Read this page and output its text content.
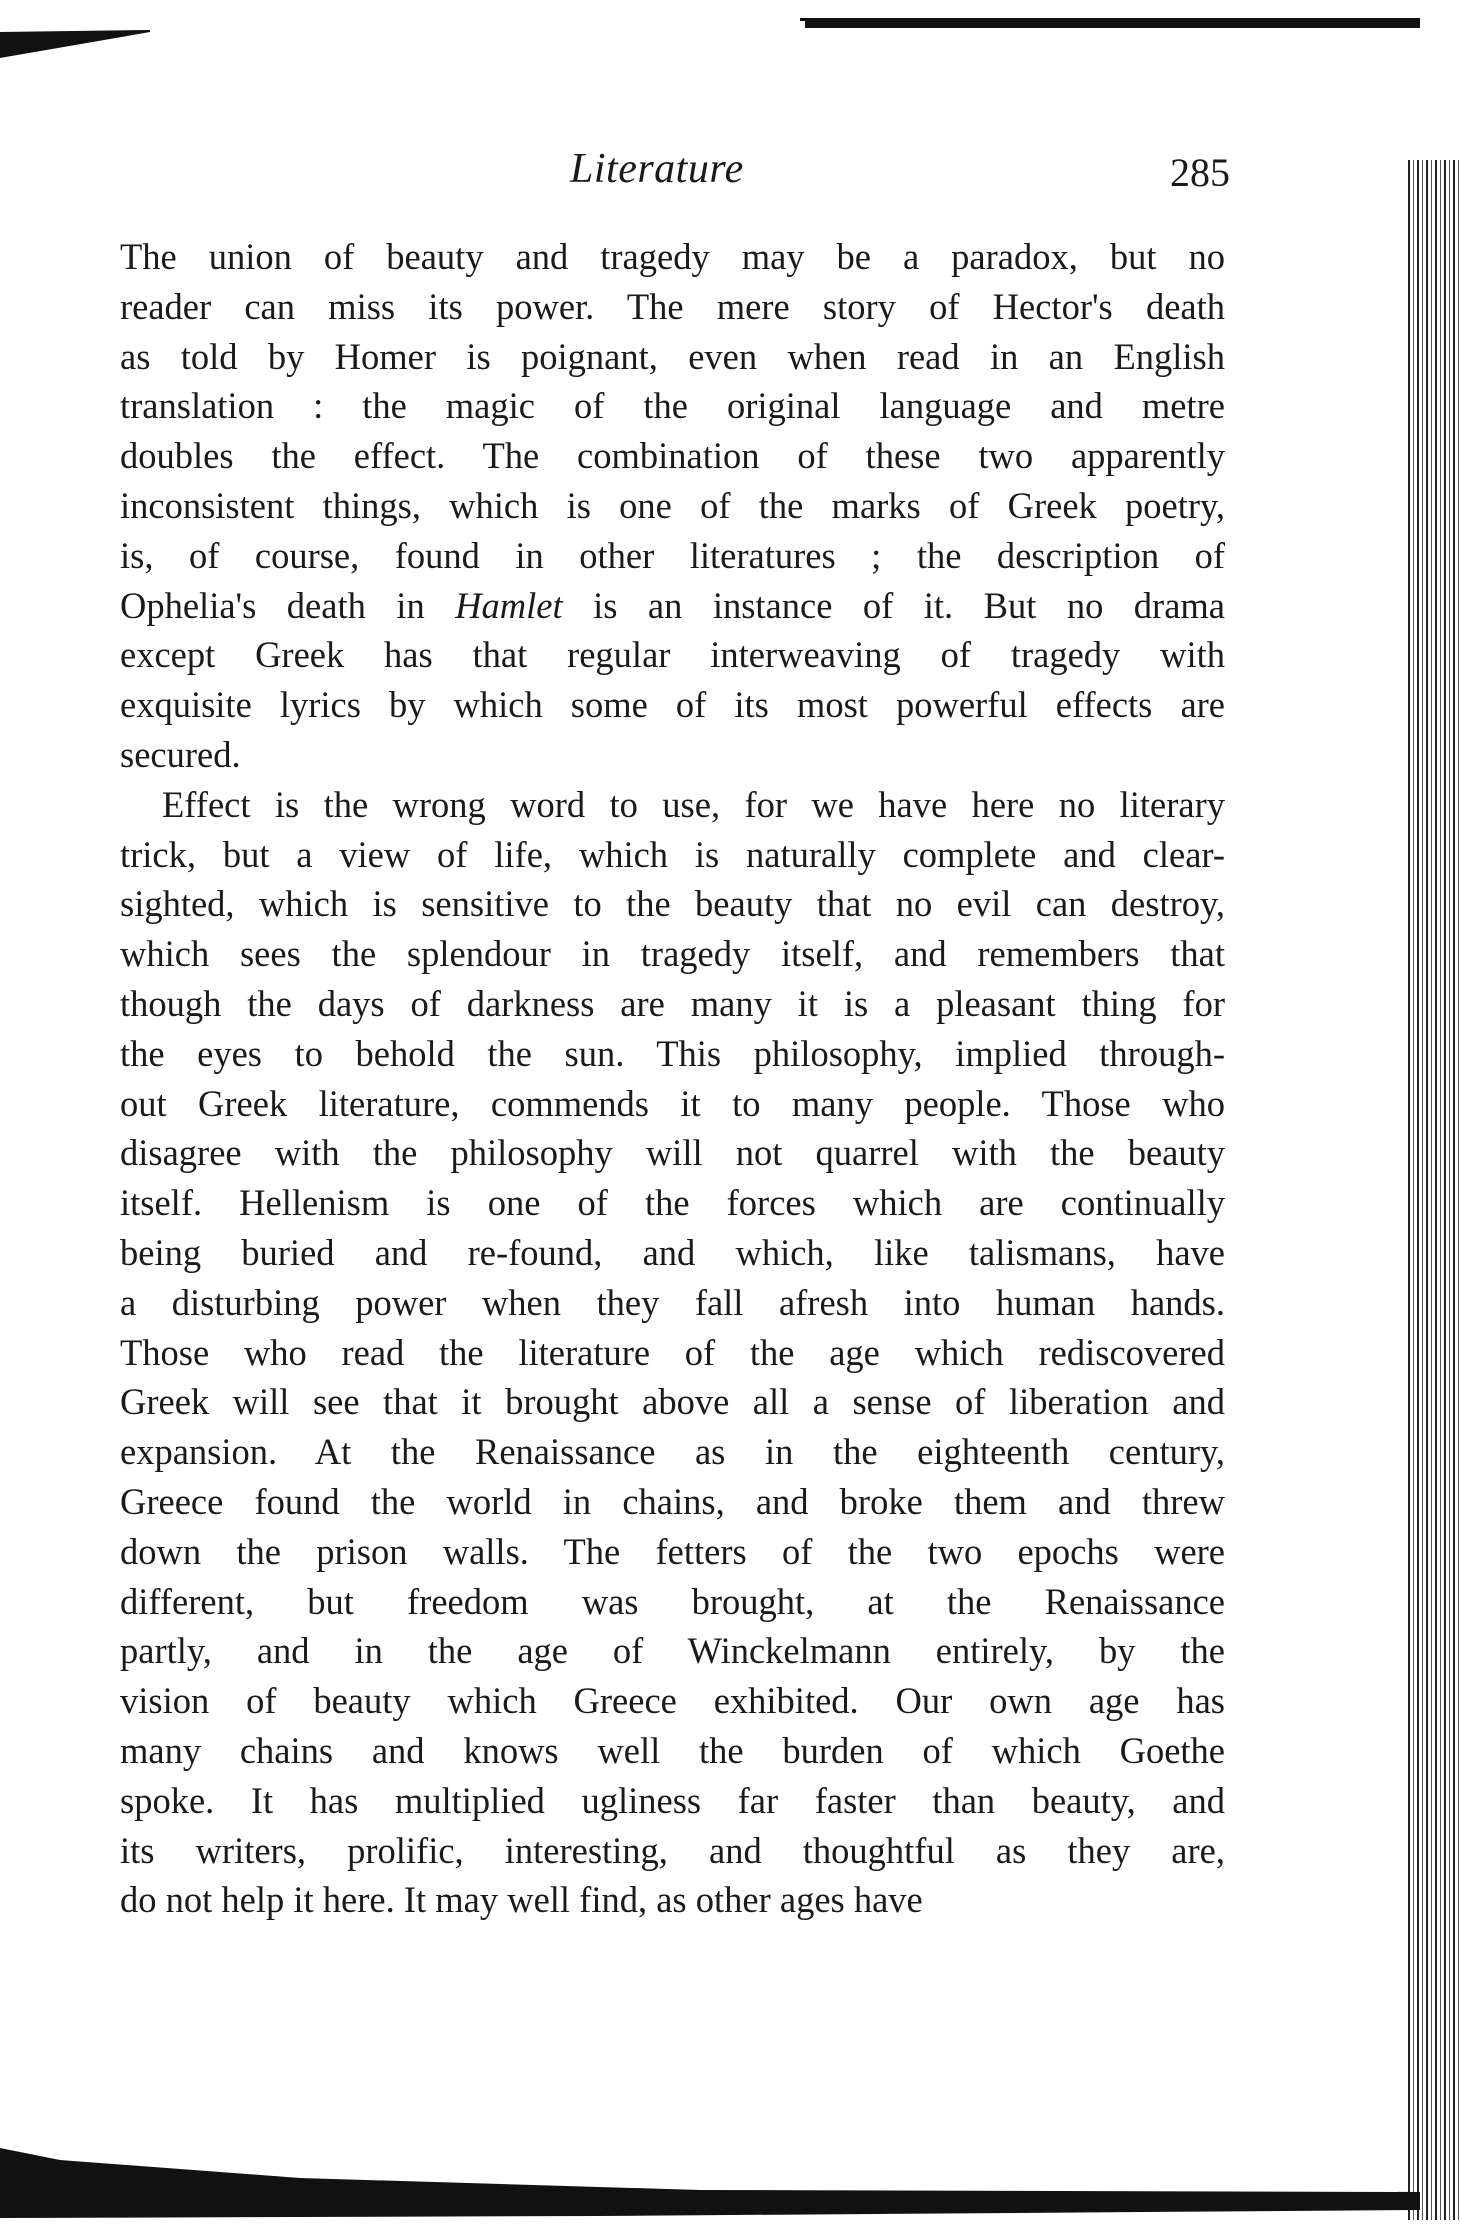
Literature	285
The union of beauty and tragedy may be a paradox, but no
reader can miss its power. The mere story of Hector's death
as told by Homer is poignant, even when read in an English
translation : the magic of the original language and metre
doubles the effect. The combination of these two apparently
inconsistent things, which is one of the marks of Greek poetry,
is, of course, found in other literatures ; the description of
Ophelia's death in Hamlet is an instance of it. But no drama
except Greek has that regular interweaving of tragedy with
exquisite lyrics by which some of its most powerful effects are
secured.
Effect is the wrong word to use, for we have here no literary
trick, but a view of life, which is naturally complete and clear-
sighted, which is sensitive to the beauty that no evil can destroy,
which sees the splendour in tragedy itself, and remembers that
though the days of darkness are many it is a pleasant thing for
the eyes to behold the sun. This philosophy, implied through-
out Greek literature, commends it to many people. Those who
disagree with the philosophy will not quarrel with the beauty
itself. Hellenism is one of the forces which are continually
being buried and re-found, and which, like talismans, have
a disturbing power when they fall afresh into human hands.
Those who read the literature of the age which rediscovered
Greek will see that it brought above all a sense of liberation and
expansion. At the Renaissance as in the eighteenth century,
Greece found the world in chains, and broke them and threw
down the prison walls. The fetters of the two epochs were
different, but freedom was brought, at the Renaissance
partly, and in the age of Winckelmann entirely, by the
vision of beauty which Greece exhibited. Our own age has
many chains and knows well the burden of which Goethe
spoke. It has multiplied ugliness far faster than beauty, and
its writers, prolific, interesting, and thoughtful as they are,
do not help it here. It may well find, as other ages have
